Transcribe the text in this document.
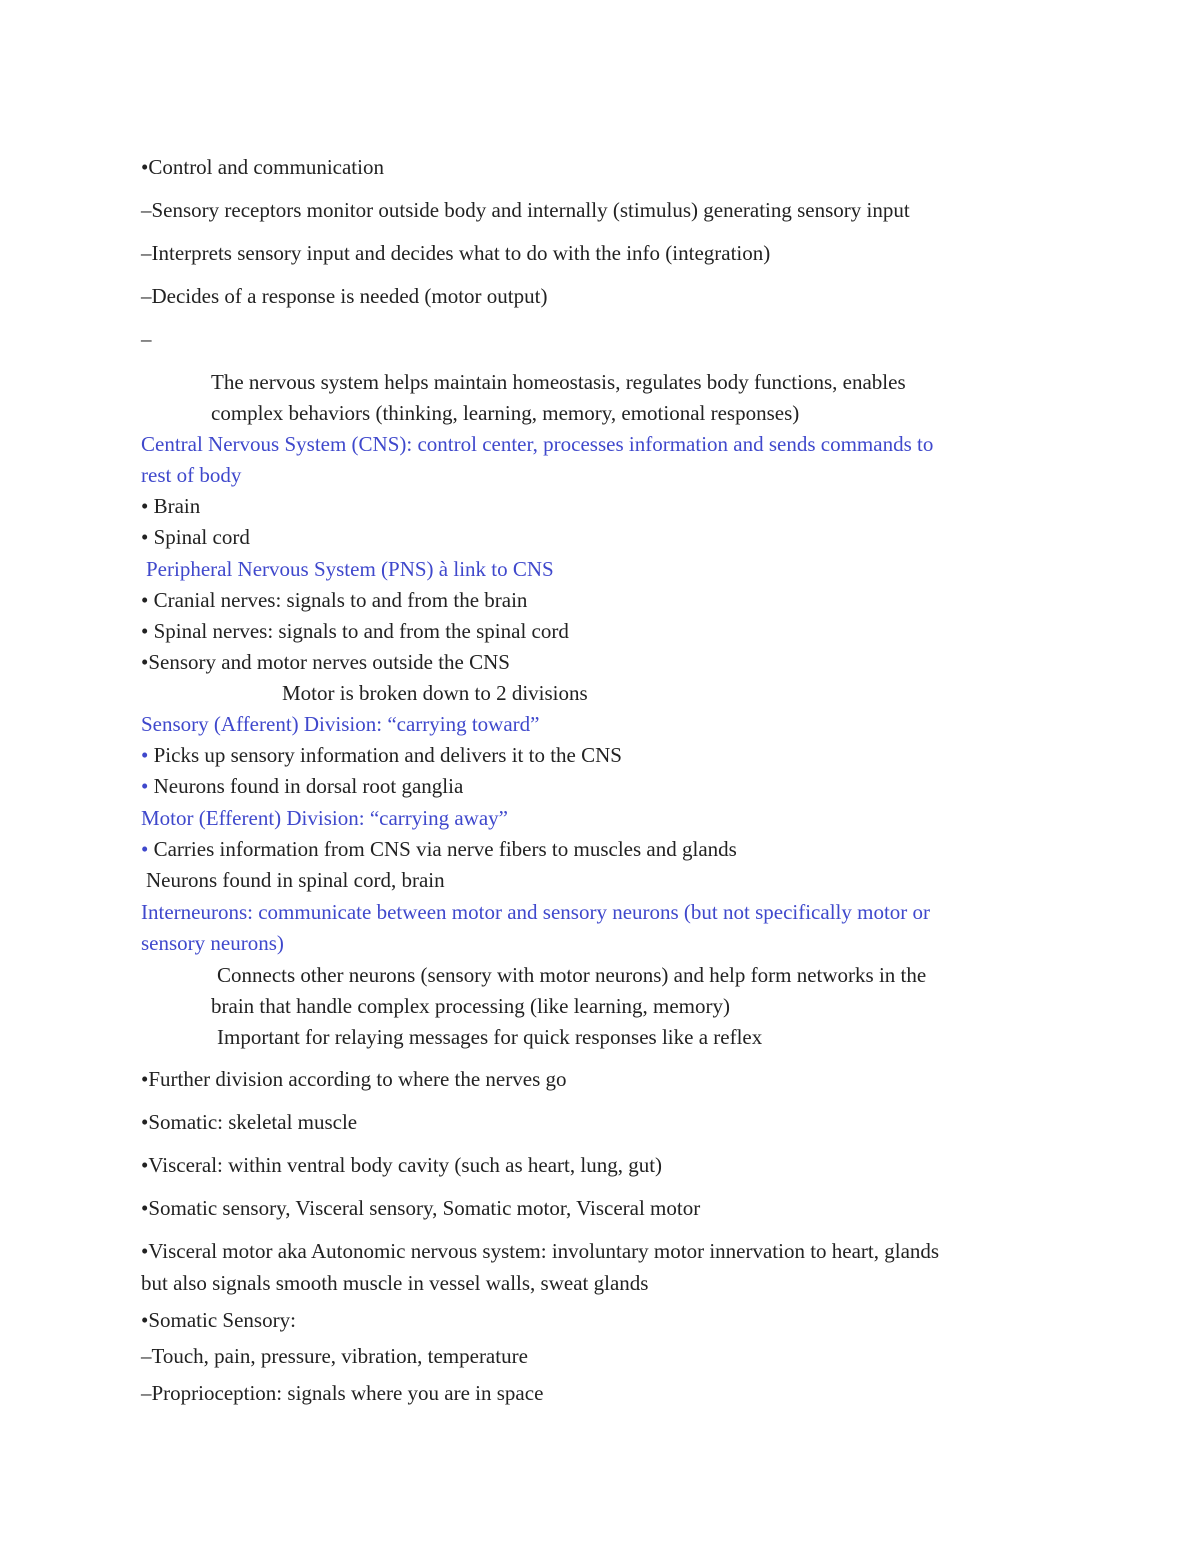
•Control and communication
–Sensory receptors monitor outside body and internally (stimulus) generating sensory input
–Interprets sensory input and decides what to do with the info (integration)
–Decides of a response is needed (motor output)
–
The nervous system helps maintain homeostasis, regulates body functions, enables
complex behaviors (thinking, learning, memory, emotional responses)
Central Nervous System (CNS): control center, processes information and sends commands to
rest of body
• Brain
• Spinal cord
Peripheral Nervous System (PNS) à link to CNS
• Cranial nerves: signals to and from the brain
• Spinal nerves: signals to and from the spinal cord
•Sensory and motor nerves outside the CNS
Motor is broken down to 2 divisions
Sensory (Afferent) Division: “carrying toward”
• Picks up sensory information and delivers it to the CNS
• Neurons found in dorsal root ganglia
Motor (Efferent) Division: “carrying away”
• Carries information from CNS via nerve fibers to muscles and glands
Neurons found in spinal cord, brain
Interneurons: communicate between motor and sensory neurons (but not specifically motor or
sensory neurons)
Connects other neurons (sensory with motor neurons) and help form networks in the
brain that handle complex processing (like learning, memory)
Important for relaying messages for quick responses like a reflex
•Further division according to where the nerves go
•Somatic: skeletal muscle
•Visceral: within ventral body cavity (such as heart, lung, gut)
•Somatic sensory, Visceral sensory, Somatic motor, Visceral motor
•Visceral motor aka Autonomic nervous system: involuntary motor innervation to heart, glands
but also signals smooth muscle in vessel walls, sweat glands
•Somatic Sensory:
–Touch, pain, pressure, vibration, temperature
–Proprioception: signals where you are in space
